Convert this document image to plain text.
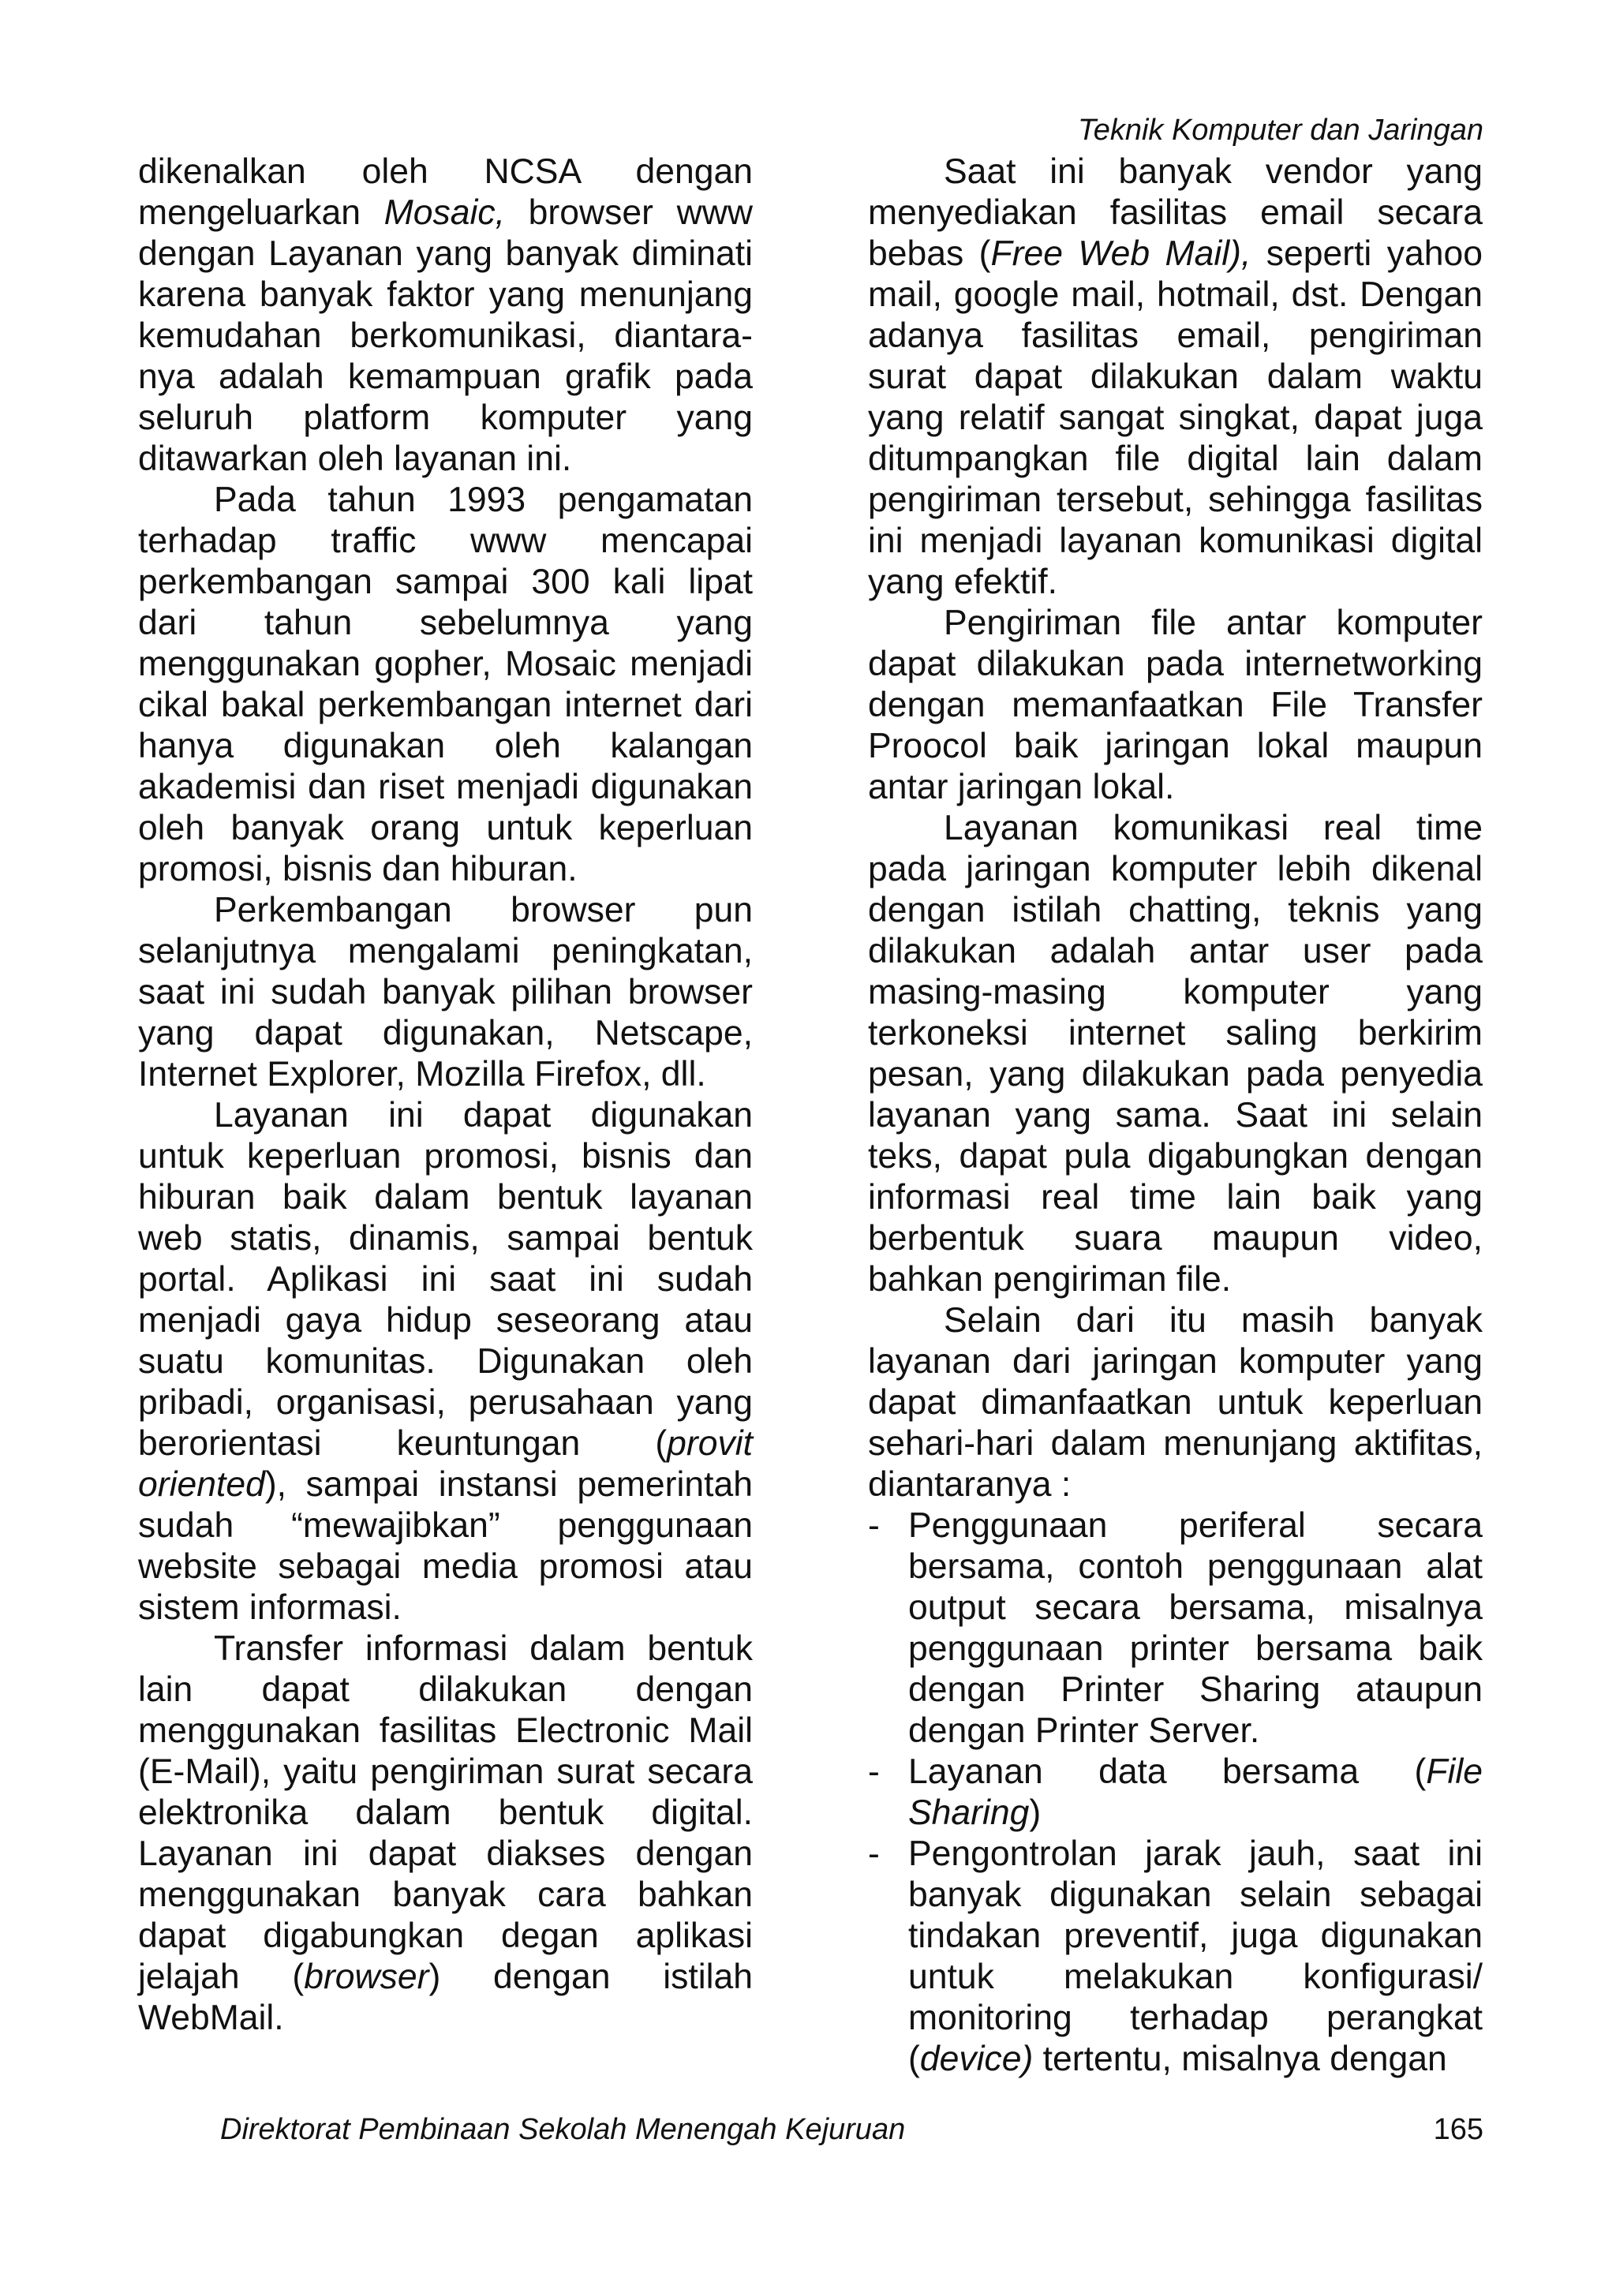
Teknik Komputer dan Jaringan

dikenalkan oleh NCSA dengan mengeluarkan Mosaic, browser www dengan Layanan yang banyak diminati karena banyak faktor yang menunjang kemudahan berkomunikasi, diantara-nya adalah kemampuan grafik pada seluruh platform komputer yang ditawarkan oleh layanan ini.

Pada tahun 1993 pengamatan terhadap traffic www mencapai perkembangan sampai 300 kali lipat dari tahun sebelumnya yang menggunakan gopher, Mosaic menjadi cikal bakal perkembangan internet dari hanya digunakan oleh kalangan akademisi dan riset menjadi digunakan oleh banyak orang untuk keperluan promosi, bisnis dan hiburan.

Perkembangan browser pun selanjutnya mengalami peningkatan, saat ini sudah banyak pilihan browser yang dapat digunakan, Netscape, Internet Explorer, Mozilla Firefox, dll.

Layanan ini dapat digunakan untuk keperluan promosi, bisnis dan hiburan baik dalam bentuk layanan web statis, dinamis, sampai bentuk portal. Aplikasi ini saat ini sudah menjadi gaya hidup seseorang atau suatu komunitas. Digunakan oleh pribadi, organisasi, perusahaan yang berorientasi keuntungan (provit oriented), sampai instansi pemerintah sudah “mewajibkan” penggunaan website sebagai media promosi atau sistem informasi.

Transfer informasi dalam bentuk lain dapat dilakukan dengan menggunakan fasilitas Electronic Mail (E-Mail), yaitu pengiriman surat secara elektronika dalam bentuk digital. Layanan ini dapat diakses dengan menggunakan banyak cara bahkan dapat digabungkan degan aplikasi jelajah (browser) dengan istilah WebMail.

Saat ini banyak vendor yang menyediakan fasilitas email secara bebas (Free Web Mail), seperti yahoo mail, google mail, hotmail, dst. Dengan adanya fasilitas email, pengiriman surat dapat dilakukan dalam waktu yang relatif sangat singkat, dapat juga ditumpangkan file digital lain dalam pengiriman tersebut, sehingga fasilitas ini menjadi layanan komunikasi digital yang efektif.

Pengiriman file antar komputer dapat dilakukan pada internetworking dengan memanfaatkan File Transfer Proocol baik jaringan lokal maupun antar jaringan lokal.

Layanan komunikasi real time pada jaringan komputer lebih dikenal dengan istilah chatting, teknis yang dilakukan adalah antar user pada masing-masing komputer yang terkoneksi internet saling berkirim pesan, yang dilakukan pada penyedia layanan yang sama. Saat ini selain teks, dapat pula digabungkan dengan informasi real time lain baik yang berbentuk suara maupun video, bahkan pengiriman file.

Selain dari itu masih banyak layanan dari jaringan komputer yang dapat dimanfaatkan untuk keperluan sehari-hari dalam menunjang aktifitas, diantaranya :

- Penggunaan periferal secara bersama, contoh penggunaan alat output secara bersama, misalnya penggunaan printer bersama baik dengan Printer Sharing ataupun dengan Printer Server.
- Layanan data bersama (File Sharing)
- Pengontrolan jarak jauh, saat ini banyak digunakan selain sebagai tindakan preventif, juga digunakan untuk melakukan konfigurasi/ monitoring terhadap perangkat (device) tertentu, misalnya dengan
Direktorat Pembinaan Sekolah Menengah Kejuruan	165
